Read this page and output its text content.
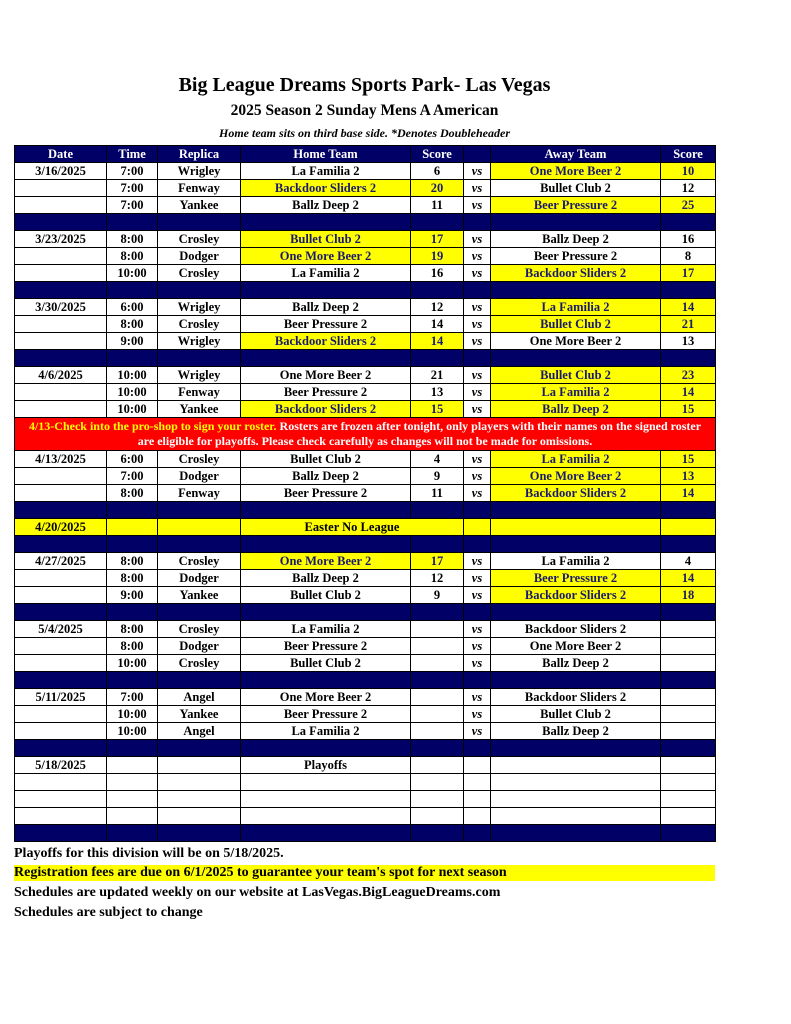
Big League Dreams Sports Park- Las Vegas
2025 Season 2 Sunday Mens A American
Home team sits on third base side. *Denotes Doubleheader
Date	Time	Replica	Home Team	Score		Away Team	Score
3/16/2025	7:00	Wrigley	La Familia 2	6	vs	One More Beer 2	10
	7:00	Fenway	Backdoor Sliders 2	20	vs	Bullet Club 2	12
	7:00	Yankee	Ballz Deep 2	11	vs	Beer Pressure 2	25

3/23/2025	8:00	Crosley	Bullet Club 2	17	vs	Ballz Deep 2	16
	8:00	Dodger	One More Beer 2	19	vs	Beer Pressure 2	8
	10:00	Crosley	La Familia 2	16	vs	Backdoor Sliders 2	17

3/30/2025	6:00	Wrigley	Ballz Deep 2	12	vs	La Familia 2	14
	8:00	Crosley	Beer Pressure 2	14	vs	Bullet Club 2	21
	9:00	Wrigley	Backdoor Sliders 2	14	vs	One More Beer 2	13

4/6/2025	10:00	Wrigley	One More Beer 2	21	vs	Bullet Club 2	23
	10:00	Fenway	Beer Pressure 2	13	vs	La Familia 2	14
	10:00	Yankee	Backdoor Sliders 2	15	vs	Ballz Deep 2	15
4/13-Check into the pro-shop to sign your roster. Rosters are frozen after tonight, only players with their names on the signed roster are eligible for playoffs. Please check carefully as changes will not be made for omissions.							
4/13/2025	6:00	Crosley	Bullet Club 2	4	vs	La Familia 2	15
	7:00	Dodger	Ballz Deep 2	9	vs	One More Beer 2	13
	8:00	Fenway	Beer Pressure 2	11	vs	Backdoor Sliders 2	14

4/20/2025			Easter No League				

4/27/2025	8:00	Crosley	One More Beer 2	17	vs	La Familia 2	4
	8:00	Dodger	Ballz Deep 2	12	vs	Beer Pressure 2	14
	9:00	Yankee	Bullet Club 2	9	vs	Backdoor Sliders 2	18

5/4/2025	8:00	Crosley	La Familia 2		vs	Backdoor Sliders 2	
	8:00	Dodger	Beer Pressure 2		vs	One More Beer 2	
	10:00	Crosley	Bullet Club 2		vs	Ballz Deep 2	

5/11/2025	7:00	Angel	One More Beer 2		vs	Backdoor Sliders 2	
	10:00	Yankee	Beer Pressure 2		vs	Bullet Club 2	
	10:00	Angel	La Familia 2		vs	Ballz Deep 2	

5/18/2025			Playoffs				

Playoffs for this division will be on 5/18/2025.
Registration fees are due on 6/1/2025 to guarantee your team's spot for next season
Schedules are updated weekly on our website at LasVegas.BigLeagueDreams.com
Schedules are subject to change
